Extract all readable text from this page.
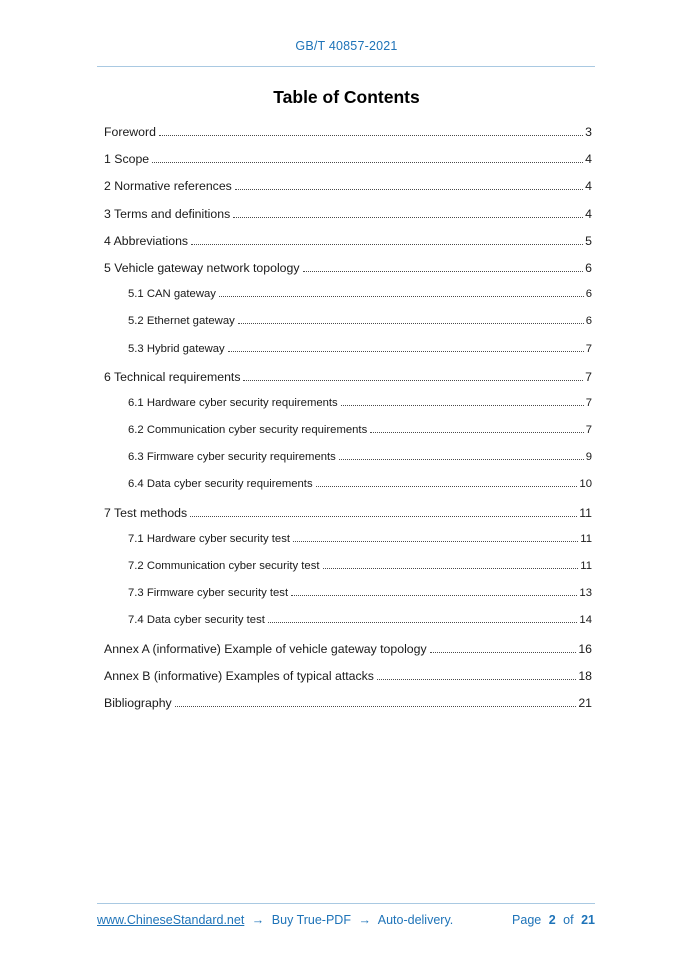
GB/T 40857-2021
Table of Contents
Foreword	3
1 Scope	4
2 Normative references	4
3 Terms and definitions	4
4 Abbreviations	5
5 Vehicle gateway network topology	6
5.1 CAN gateway	6
5.2 Ethernet gateway	6
5.3 Hybrid gateway	7
6 Technical requirements	7
6.1 Hardware cyber security requirements	7
6.2 Communication cyber security requirements	7
6.3 Firmware cyber security requirements	9
6.4 Data cyber security requirements	10
7 Test methods	11
7.1 Hardware cyber security test	11
7.2 Communication cyber security test	11
7.3 Firmware cyber security test	13
7.4 Data cyber security test	14
Annex A (informative) Example of vehicle gateway topology	16
Annex B (informative) Examples of typical attacks	18
Bibliography	21
www.ChineseStandard.net → Buy True-PDF → Auto-delivery.	Page 2 of 21
